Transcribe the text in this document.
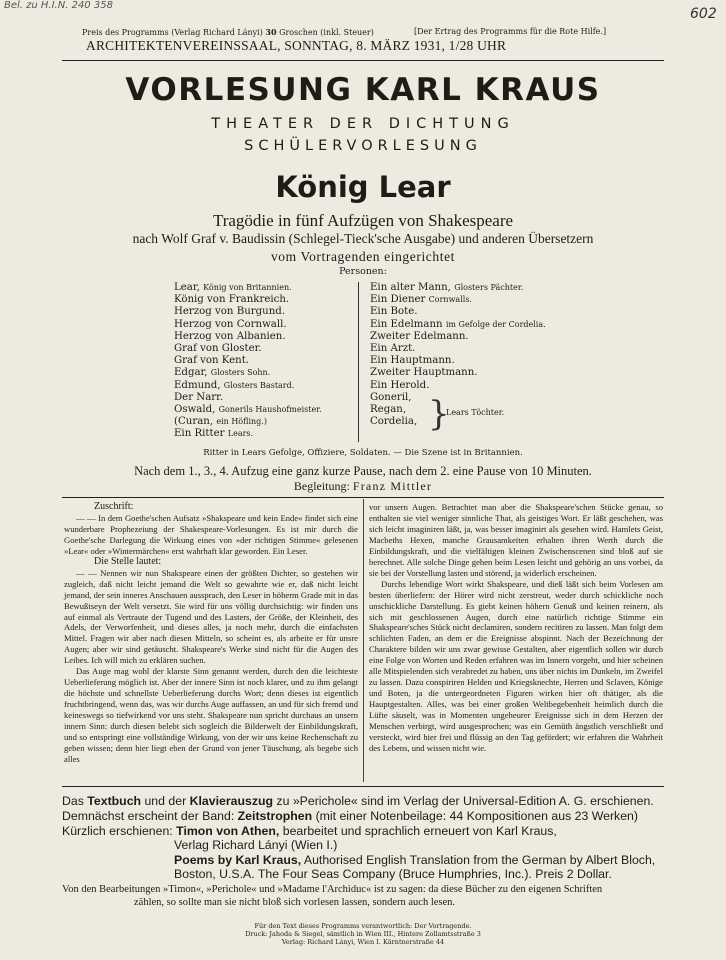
Bel. zu H.I.N. 240 358
602
Preis des Programms (Verlag Richard Lányi) 30 Groschen (inkl. Steuer)	[Der Ertrag des Programms für die Rote Hilfe.]
ARCHITEKTENVEREINSSAAL, SONNTAG, 8. MÄRZ 1931, 1/28 UHR
VORLESUNG KARL KRAUS
THEATER DER DICHTUNG
SCHÜLERVORLESUNG
König Lear
Tragödie in fünf Aufzügen von Shakespeare
nach Wolf Graf v. Baudissin (Schlegel-Tieck'sche Ausgabe) und anderen Übersetzern
vom Vortragenden eingerichtet
Personen:
Lear, König von Britannien.
König von Frankreich.
Herzog von Burgund.
Herzog von Cornwall.
Herzog von Albanien.
Graf von Gloster.
Graf von Kent.
Edgar, Glosters Sohn.
Edmund, Glosters Bastard.
Der Narr.
Oswald, Gonerils Haushofmeister.
(Curan, ein Höfling.)
Ein Ritter Lears.
Ein alter Mann, Glosters Pächter.
Ein Diener Cornwalls.
Ein Bote.
Ein Edelmann im Gefolge der Cordelia.
Zweiter Edelmann.
Ein Arzt.
Ein Hauptmann.
Zweiter Hauptmann.
Ein Herold.
Goneril,
Regan,
Cordelia, }
Lears Töchter.
Ritter in Lears Gefolge, Offiziere, Soldaten. — Die Szene ist in Britannien.
Nach dem 1., 3., 4. Aufzug eine ganz kurze Pause, nach dem 2. eine Pause von 10 Minuten.
Begleitung: Franz Mittler

Zuschrift:

— — In dem Goethe'schen Aufsatz »Shakspeare und kein Ende« findet sich eine wunderbare Prophezeiung der Shakespeare-Vorlesungen. Es ist mir durch die Goethe'sche Darlegung die Wirkung eines von »der richtigen Stimme« gelesenen »Lear« oder »Wintermärchen« erst wahrhaft klar geworden. Ein Leser.

Die Stelle lautet:

— — Nennen wir nun Shakspeare einen der größten Dichter, so gestehen wir zugleich, daß nicht leicht jemand die Welt so gewahrte wie er, daß nicht leicht jemand, der sein inneres Anschauen aussprach, den Leser in höherm Grade mit in das Bewußtseyn der Welt versetzt. Sie wird für uns völlig durchsichtig: wir finden uns auf einmal als Vertraute der Tugend und des Lasters, der Größe, der Kleinheit, des Adels, der Verworfenheit, und dieses alles, ja noch mehr, durch die einfachsten Mittel. Fragen wir aber nach diesen Mitteln, so scheint es, als arbeite er für unsre Augen; aber wir sind getäuscht. Shakspeare's Werke sind nicht für die Augen des Leibes. Ich will mich zu erklären suchen.

Das Auge mag wohl der klarste Sinn genannt werden, durch den die leichteste Ueberlieferung möglich ist. Aber der innere Sinn ist noch klarer, und zu ihm gelangt die höchste und schnellste Ueberlieferung durchs Wort; denn dieses ist eigentlich fruchtbringend, wenn das, was wir durchs Auge auffassen, an und für sich fremd und keineswegs so tiefwirkend vor uns steht. Shakspeare nun spricht durchaus an unsern innern Sinn: durch diesen belebt sich sogleich die Bilderwelt der Einbildungskraft, und so entspringt eine vollständige Wirkung, von der wir uns keine Rechenschaft zu geben wissen; denn hier liegt eben der Grund von jener Täuschung, als begebe sich alles

vor unsern Augen. Betrachtet man aber die Shakspeare'schen Stücke genau, so enthalten sie viel weniger sinnliche That, als geistiges Wort. Er läßt geschehen, was sich leicht imaginiren läßt, ja, was besser imaginirt als gesehen wird. Hamlets Geist, Macbeths Hexen, manche Grausamkeiten erhalten ihren Werth durch die Einbildungskraft, und die vielfältigen kleinen Zwischenscenen sind bloß auf sie berechnet. Alle solche Dinge gehen beim Lesen leicht und gehörig an uns vorbei, da sie bei der Vorstellung lasten und störend, ja widerlich erscheinen.

Durchs lebendige Wort wirkt Shakspeare, und dieß läßt sich beim Vorlesen am besten überliefern: der Hörer wird nicht zerstreut, weder durch schickliche noch unschickliche Darstellung. Es giebt keinen höhern Genuß und keinen reinern, als sich mit geschlossenen Augen, durch eine natürlich richtige Stimme ein Shakspeare'sches Stück nicht declamiren, sondern recitiren zu lassen. Man folgt dem schlichten Faden, an dem er die Ereignisse abspinnt. Nach der Bezeichnung der Charaktere bilden wir uns zwar gewisse Gestalten, aber eigentlich sollen wir durch eine Folge von Worten und Reden erfahren was im Innern vorgeht, und hier scheinen alle Mitspielenden sich verabredet zu haben, uns über nichts im Dunkeln, im Zweifel zu lassen. Dazu conspiriren Helden und Kriegsknechte, Herren und Sclaven, Könige und Boten, ja die untergeordneten Figuren wirken hier oft thätiger, als die Hauptgestalten. Alles, was bei einer großen Weltbegebenheit heimlich durch die Lüfte säuselt, was in Momenten ungeheurer Ereignisse sich in dem Herzen der Menschen verbirgt, wird ausgesprochen; was ein Gemüth ängstlich verschließt und versteckt, wird hier frei und flüssig an den Tag gefördert; wir erfahren die Wahrheit des Lebens, und wissen nicht wie.

Das Textbuch und der Klavierauszug zu »Perichole« sind im Verlag der Universal-Edition A. G. erschienen.
Demnächst erscheint der Band: Zeitstrophen (mit einer Notenbeilage: 44 Kompositionen aus 23 Werken)
Kürzlich erschienen: Timon von Athen, bearbeitet und sprachlich erneuert von Karl Kraus,
Verlag Richard Lányi (Wien I.)
Poems by Karl Kraus, Authorised English Translation from the German by Albert Bloch,
Boston, U.S.A. The Four Seas Company (Bruce Humphries, Inc.). Preis 2 Dollar.
Von den Bearbeitungen »Timon«, »Perichole« und »Madame l'Archiduc« ist zu sagen: da diese Bücher zu den eigenen Schriften
zählen, so sollte man sie nicht bloß sich vorlesen lassen, sondern auch lesen.
Für den Text dieses Programms verantwortlich: Der Vortragende.
Druck: Jahoda & Siegel, sämtlich in Wien III., Hintere Zollamtsstraße 3
Verlag: Richard Lányi, Wien I. Kärntnerstraße 44
